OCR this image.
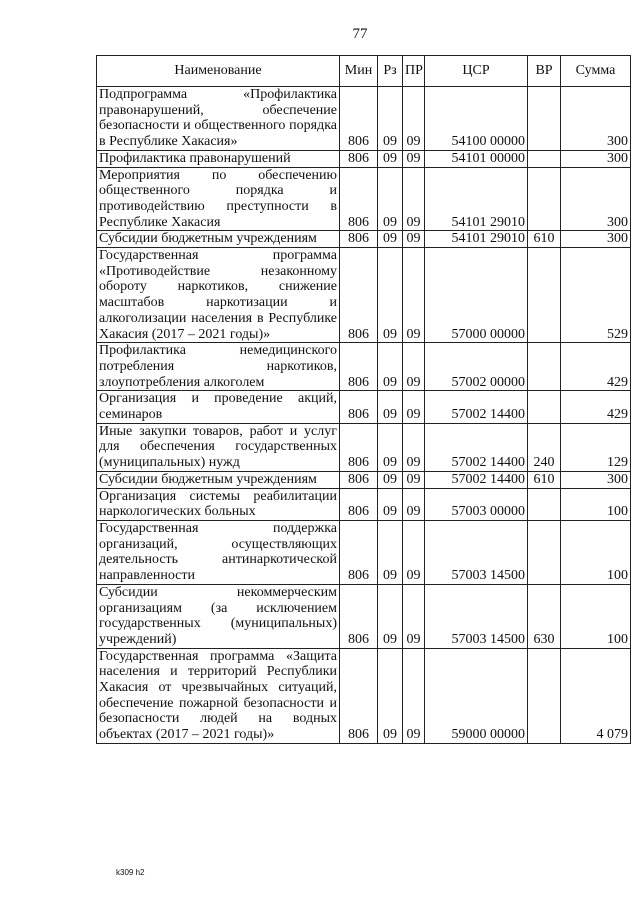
77
Наименование	Мин	Рз	ПР	ЦСР	ВР	Сумма
Подпрограмма «Профилактика правонарушений, обеспечение безопасности и общественного порядка в Республике Хакасия»	806	09	09	54100 00000		300
Профилактика правонарушений	806	09	09	54101 00000		300
Мероприятия по обеспечению общественного порядка и противодействию преступности в Республике Хакасия	806	09	09	54101 29010		300
Субсидии бюджетным учреждениям	806	09	09	54101 29010	610	300
Государственная программа «Противодействие незаконному обороту наркотиков, снижение масштабов наркотизации и алкоголизации населения в Республике Хакасия (2017 – 2021 годы)»	806	09	09	57000 00000		529
Профилактика немедицинского потребления наркотиков, злоупотребления алкоголем	806	09	09	57002 00000		429
Организация и проведение акций, семинаров	806	09	09	57002 14400		429
Иные закупки товаров, работ и услуг для обеспечения государственных (муниципальных) нужд	806	09	09	57002 14400	240	129
Субсидии бюджетным учреждениям	806	09	09	57002 14400	610	300
Организация системы реабилитации наркологических больных	806	09	09	57003 00000		100
Государственная поддержка организаций, осуществляющих деятельность антинаркотической направленности	806	09	09	57003 14500		100
Субсидии некоммерческим организациям (за исключением государственных (муниципальных) учреждений)	806	09	09	57003 14500	630	100
Государственная программа «Защита населения и территорий Республики Хакасия от чрезвычайных ситуаций, обеспечение пожарной безопасности и безопасности людей на водных объектах (2017 – 2021 годы)»	806	09	09	59000 00000		4 079
k309 h2
